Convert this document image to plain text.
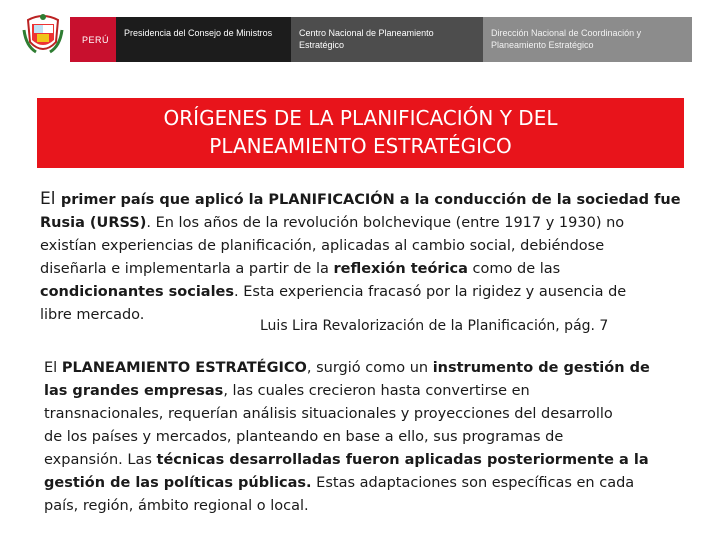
PERÚ
Presidencia del Consejo de Ministros	Centro Nacional de Planeamiento Estratégico
Dirección Nacional de Coordinación y Planeamiento Estratégico
ORÍGENES DE LA PLANIFICACIÓN Y DEL
PLANEAMIENTO ESTRATÉGICO
El primer país que aplicó la PLANIFICACIÓN a la conducción de la sociedad fue
Rusia (URSS). En los años de la revolución bolchevique (entre 1917 y 1930) no
existían experiencias de planificación, aplicadas al cambio social, debiéndose
diseñarla e implementarla a partir de la reflexión teórica como de las
condicionantes sociales. Esta experiencia fracasó por la rigidez y ausencia de
libre mercado.
Luis Lira Revalorización de la Planificación, pág. 7
El PLANEAMIENTO ESTRATÉGICO, surgió como un instrumento de gestión de
las grandes empresas, las cuales crecieron hasta convertirse en
transnacionales, requerían análisis situacionales y proyecciones del desarrollo
de los países y mercados, planteando en base a ello, sus programas de
expansión. Las técnicas desarrolladas fueron aplicadas posteriormente a la
gestión de las políticas públicas. Estas adaptaciones son específicas en cada
país, región, ámbito regional o local.
